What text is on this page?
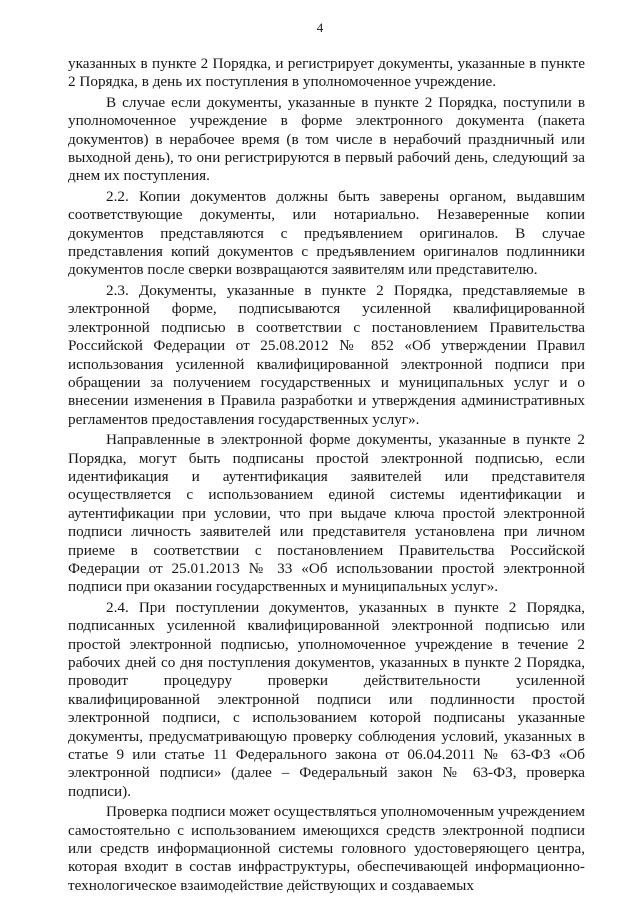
4

указанных в пункте 2 Порядка, и регистрирует документы, указанные в пункте 2 Порядка, в день их поступления в уполномоченное учреждение.

В случае если документы, указанные в пункте 2 Порядка, поступили в уполномоченное учреждение в форме электронного документа (пакета документов) в нерабочее время (в том числе в нерабочий праздничный или выходной день), то они регистрируются в первый рабочий день, следующий за днем их поступления.

2.2. Копии документов должны быть заверены органом, выдавшим соответствующие документы, или нотариально. Незаверенные копии документов представляются с предъявлением оригиналов. В случае представления копий документов с предъявлением оригиналов подлинники документов после сверки возвращаются заявителям или представителю.

2.3. Документы, указанные в пункте 2 Порядка, представляемые в электронной форме, подписываются усиленной квалифицированной электронной подписью в соответствии с постановлением Правительства Российской Федерации от 25.08.2012 № 852 «Об утверждении Правил использования усиленной квалифицированной электронной подписи при обращении за получением государственных и муниципальных услуг и о внесении изменения в Правила разработки и утверждения административных регламентов предоставления государственных услуг».

Направленные в электронной форме документы, указанные в пункте 2 Порядка, могут быть подписаны простой электронной подписью, если идентификация и аутентификация заявителей или представителя осуществляется с использованием единой системы идентификации и аутентификации при условии, что при выдаче ключа простой электронной подписи личность заявителей или представителя установлена при личном приеме в соответствии с постановлением Правительства Российской Федерации от 25.01.2013 № 33 «Об использовании простой электронной подписи при оказании государственных и муниципальных услуг».

2.4. При поступлении документов, указанных в пункте 2 Порядка, подписанных усиленной квалифицированной электронной подписью или простой электронной подписью, уполномоченное учреждение в течение 2 рабочих дней со дня поступления документов, указанных в пункте 2 Порядка, проводит процедуру проверки действительности усиленной квалифицированной электронной подписи или подлинности простой электронной подписи, с использованием которой подписаны указанные документы, предусматривающую проверку соблюдения условий, указанных в статье 9 или статье 11 Федерального закона от 06.04.2011 № 63-ФЗ «Об электронной подписи» (далее – Федеральный закон № 63-ФЗ, проверка подписи).

Проверка подписи может осуществляться уполномоченным учреждением самостоятельно с использованием имеющихся средств электронной подписи или средств информационной системы головного удостоверяющего центра, которая входит в состав инфраструктуры, обеспечивающей информационно-технологическое взаимодействие действующих и создаваемых
